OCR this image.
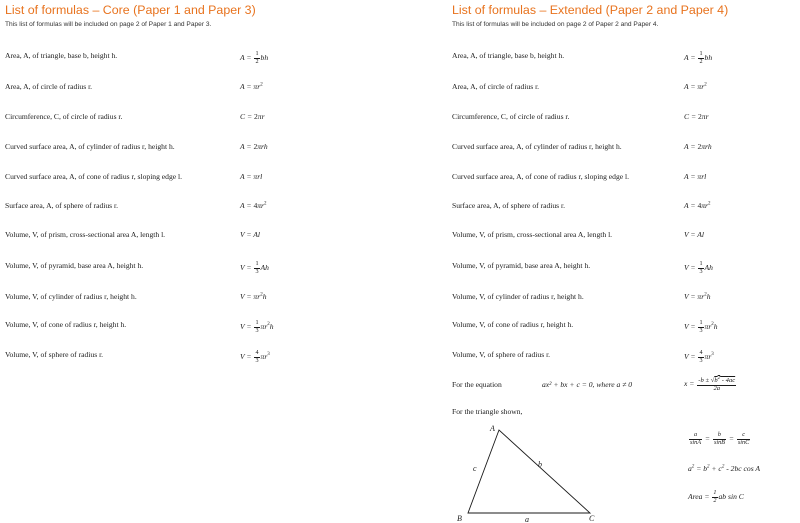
List of formulas – Core (Paper 1 and Paper 3)

This list of formulas will be included on page 2 of Paper 1 and Paper 3.

Area, A, of triangle, base b, height h.	$A = \frac{1}{2}$ bh
Area, A, of circle of radius r.	$A = \pi r^2$
Circumference, C, of circle of radius r.	C = 2πr
Curved surface area, A, of cylinder of radius r, height h.	A = 2πrh
Curved surface area, A, of cone of radius r, sloping edge l.	A = πrl
Surface area, A, of sphere of radius r.	$A = 4\pi r^2$
Volume, V, of prism, cross-sectional area A, length l.	V = Al
Volume, V, of pyramid, base area A, height h.	$V = \frac{1}{3}$ Ah
Volume, V, of cylinder of radius r, height h.	$V = \pi r^2h$
Volume, V, of cone of radius r, height h.	$V = \frac{1}{3} \pi r^2h$
Volume, V, of sphere of radius r.	$V = \frac{4}{3} \pi r^3$
List of formulas – Extended (Paper 2 and Paper 4)

This list of formulas will be included on page 2 of Paper 2 and Paper 4.

Area, A, of triangle, base b, height h.	$A = \frac{1}{2}$ bh
Area, A, of circle of radius r.	$A = \pi r^2$
Circumference, C, of circle of radius r.	C = 2πr
Curved surface area, A, of cylinder of radius r, height h.	A = 2πrh
Curved surface area, A, of cone of radius r, sloping edge l.	A = πrl
Surface area, A, of sphere of radius r.	$A = 4\pi r^2$
Volume, V, of prism, cross-sectional area A, length l.	V = Al
Volume, V, of pyramid, base area A, height h.	$V = \frac{1}{3}$ Ah
Volume, V, of cylinder of radius r, height h.	$V = \pi r^2h$
Volume, V, of cone of radius r, height h.	$V = \frac{1}{3} \pi r^2h$
Volume, V, of sphere of radius r.	$V = \frac{4}{3} \pi r^3$
For the equation	ax² + bx + c = 0, where a ≠ 0	$x = \frac{-b \pm √b^2 - 4ac}{2a}$
For the triangle shown,
A
B	C
a
b
c
$\frac{a}{\sin A} = \frac{b}{\sin B} = \frac{c}{\sin C}$
$a^2 = b^2 + c^2 - 2bc$ cos A
Area = $\frac{1}{2}$ ab sin C
